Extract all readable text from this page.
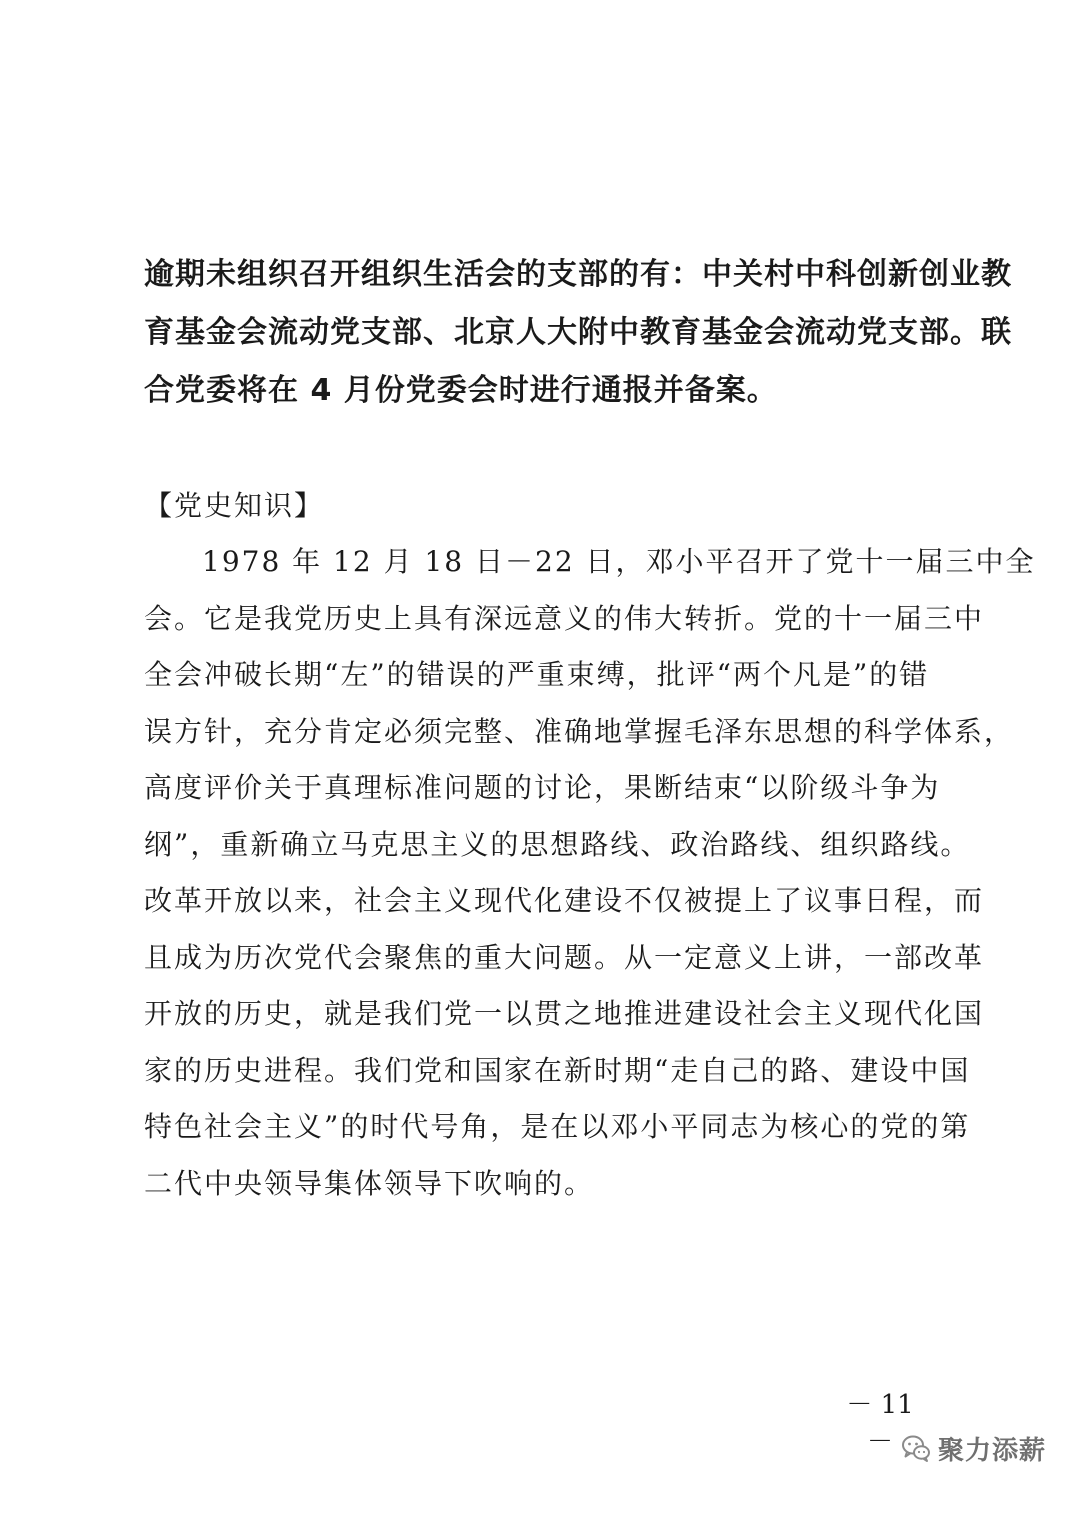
逾期未组织召开组织生活会的支部的有：中关村中科创新创业教
育基金会流动党支部、北京人大附中教育基金会流动党支部。联
合党委将在 4 月份党委会时进行通报并备案。
【党史知识】
1978 年 12 月 18 日－22 日，邓小平召开了党十一届三中全
会。它是我党历史上具有深远意义的伟大转折。党的十一届三中
全会冲破长期“左”的错误的严重束缚，批评“两个凡是”的错
误方针，充分肯定必须完整、准确地掌握毛泽东思想的科学体系，
高度评价关于真理标准问题的讨论，果断结束“以阶级斗争为
纲”，重新确立马克思主义的思想路线、政治路线、组织路线。
改革开放以来，社会主义现代化建设不仅被提上了议事日程，而
且成为历次党代会聚焦的重大问题。从一定意义上讲，一部改革
开放的历史，就是我们党一以贯之地推进建设社会主义现代化国
家的历史进程。我们党和国家在新时期“走自己的路、建设中国
特色社会主义”的时代号角，是在以邓小平同志为核心的党的第
二代中央领导集体领导下吹响的。
－ 11 －	聚力添薪
